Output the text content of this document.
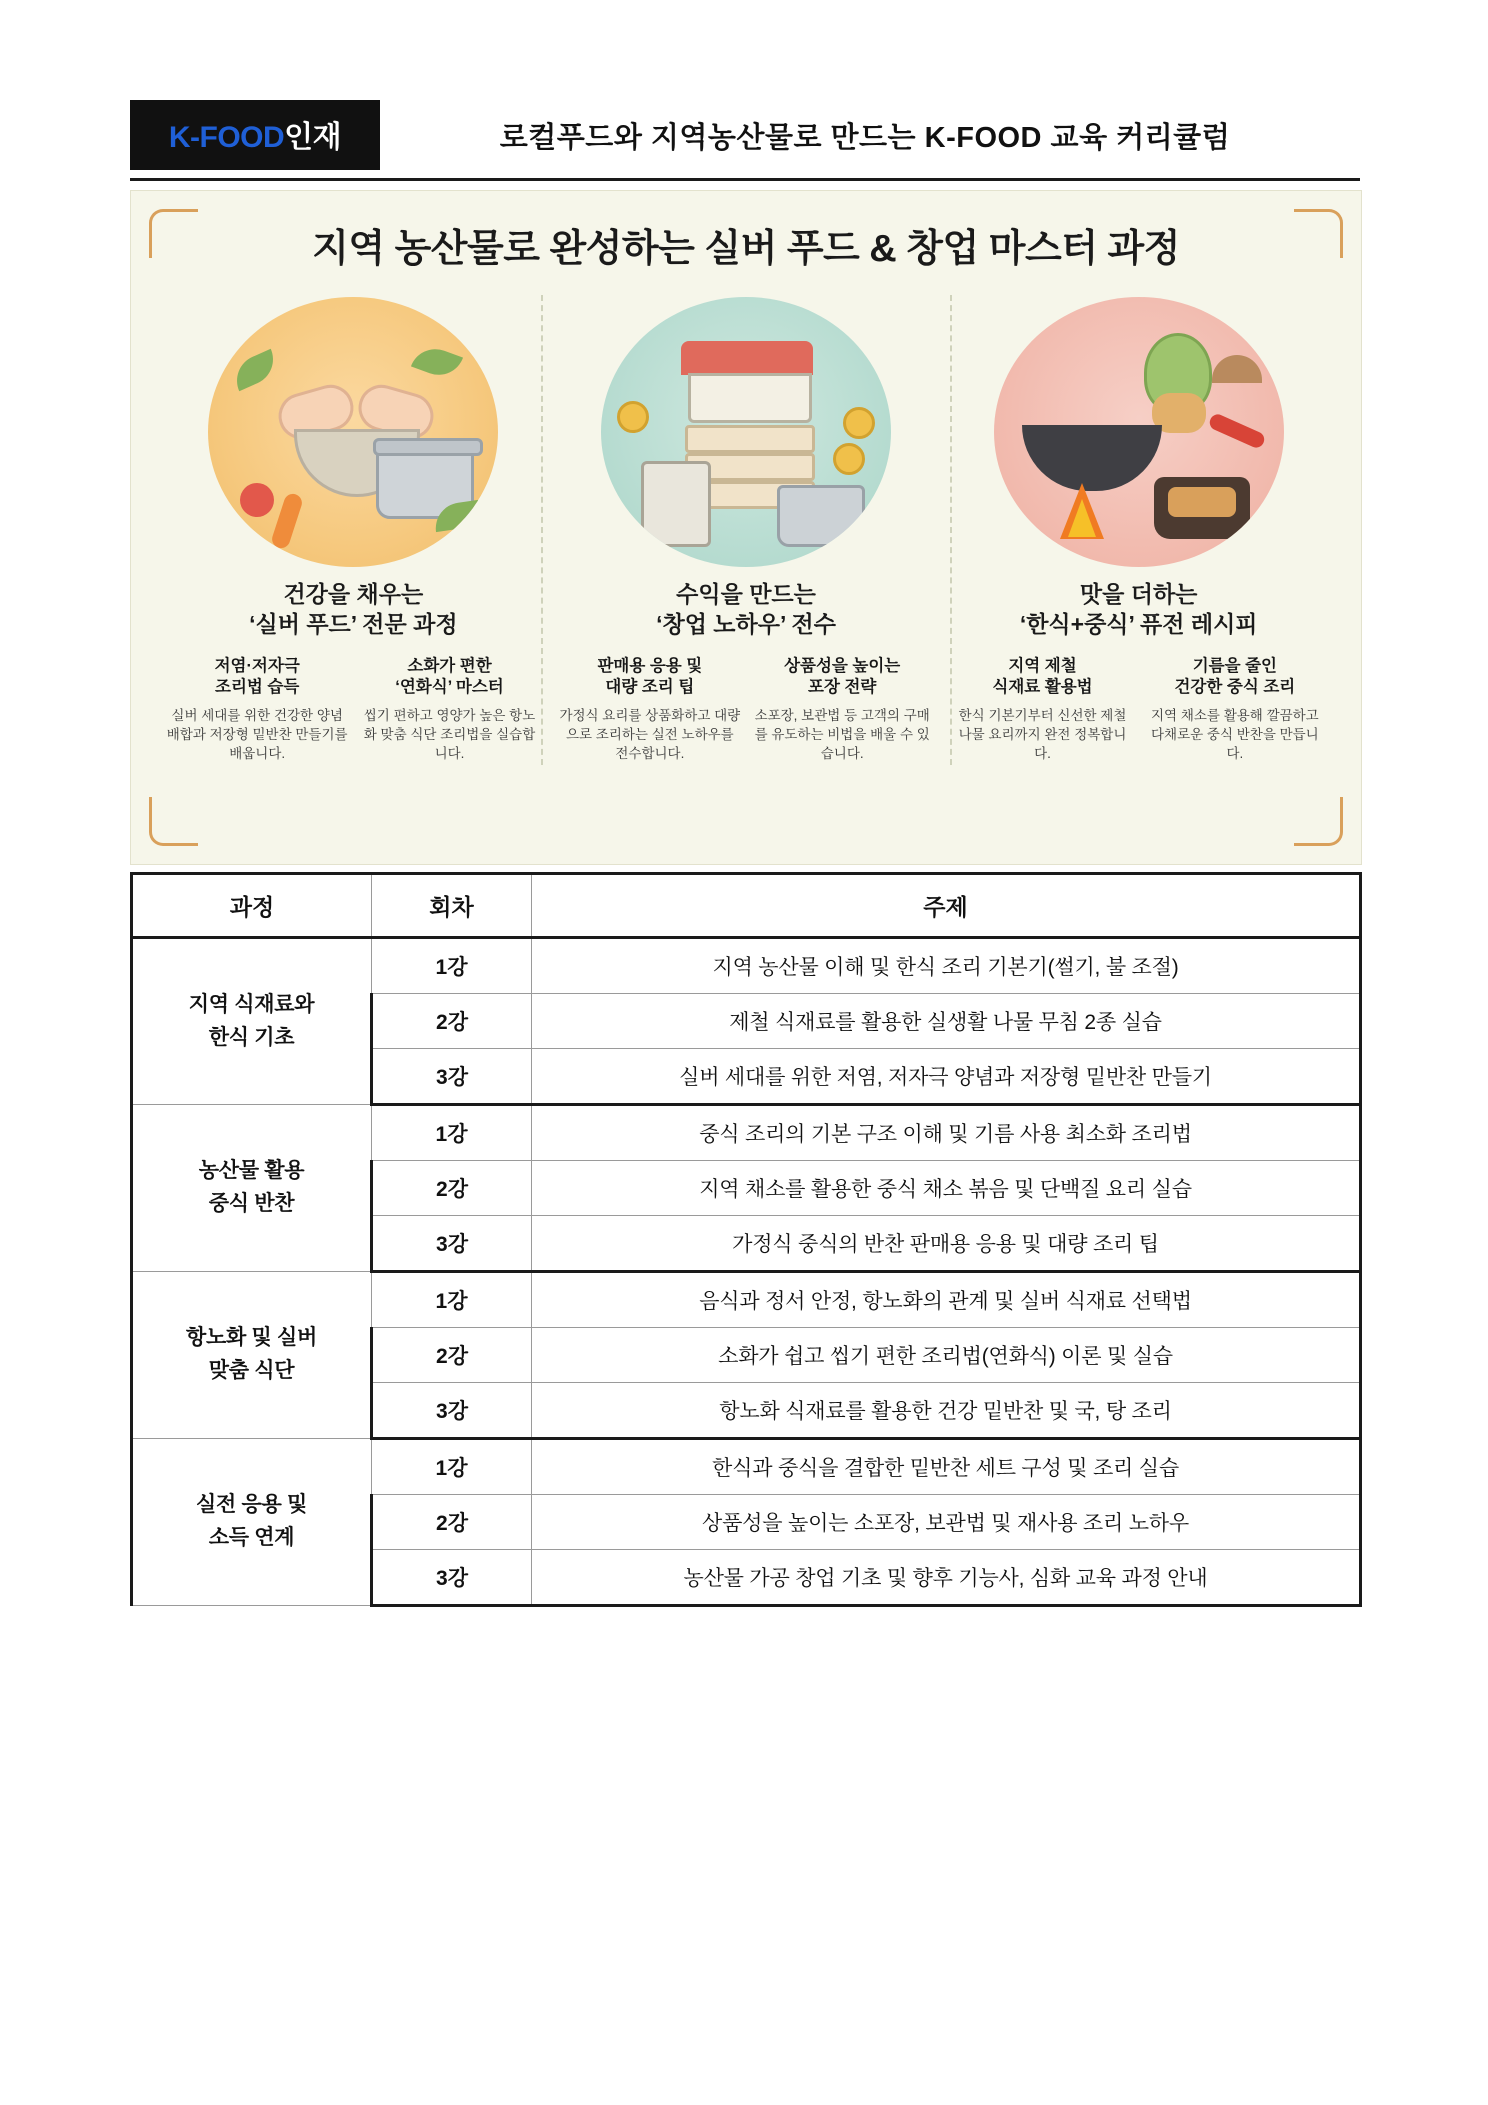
K-FOOD인재	로컬푸드와 지역농산물로 만드는 K-FOOD 교육 커리큘럼
지역 농산물로 완성하는 실버 푸드 & 창업 마스터 과정
건강을 채우는
‘실버 푸드’ 전문 과정
저염·저자극
조리법 습득
실버 세대를 위한 건강한 양념 배합과 저장형 밑반찬 만들기를 배웁니다.
소화가 편한
‘연화식’ 마스터
씹기 편하고 영양가 높은 항노화 맞춤 식단 조리법을 실습합니다.
수익을 만드는
‘창업 노하우’ 전수
판매용 응용 및
대량 조리 팁
가정식 요리를 상품화하고 대량으로 조리하는 실전 노하우를 전수합니다.
상품성을 높이는
포장 전략
소포장, 보관법 등 고객의 구매를 유도하는 비법을 배울 수 있습니다.
맛을 더하는
‘한식+중식’ 퓨전 레시피
지역 제철
식재료 활용법
한식 기본기부터 신선한 제철 나물 요리까지 완전 정복합니다.
기름을 줄인
건강한 중식 조리
지역 채소를 활용해 깔끔하고 다채로운 중식 반찬을 만듭니다.
과정	회차	주제
지역 식재료와
한식 기초	1강	지역 농산물 이해 및 한식 조리 기본기(썰기, 불 조절)
	2강	제철 식재료를 활용한 실생활 나물 무침 2종 실습
	3강	실버 세대를 위한 저염, 저자극 양념과 저장형 밑반찬 만들기
농산물 활용
중식 반찬	1강	중식 조리의 기본 구조 이해 및 기름 사용 최소화 조리법
	2강	지역 채소를 활용한 중식 채소 볶음 및 단백질 요리 실습
	3강	가정식 중식의 반찬 판매용 응용 및 대량 조리 팁
항노화 및 실버
맞춤 식단	1강	음식과 정서 안정, 항노화의 관계 및 실버 식재료 선택법
	2강	소화가 쉽고 씹기 편한 조리법(연화식) 이론 및 실습
	3강	항노화 식재료를 활용한 건강 밑반찬 및 국, 탕 조리
실전 응용 및
소득 연계	1강	한식과 중식을 결합한 밑반찬 세트 구성 및 조리 실습
	2강	상품성을 높이는 소포장, 보관법 및 재사용 조리 노하우
	3강	농산물 가공 창업 기초 및 향후 기능사, 심화 교육 과정 안내
